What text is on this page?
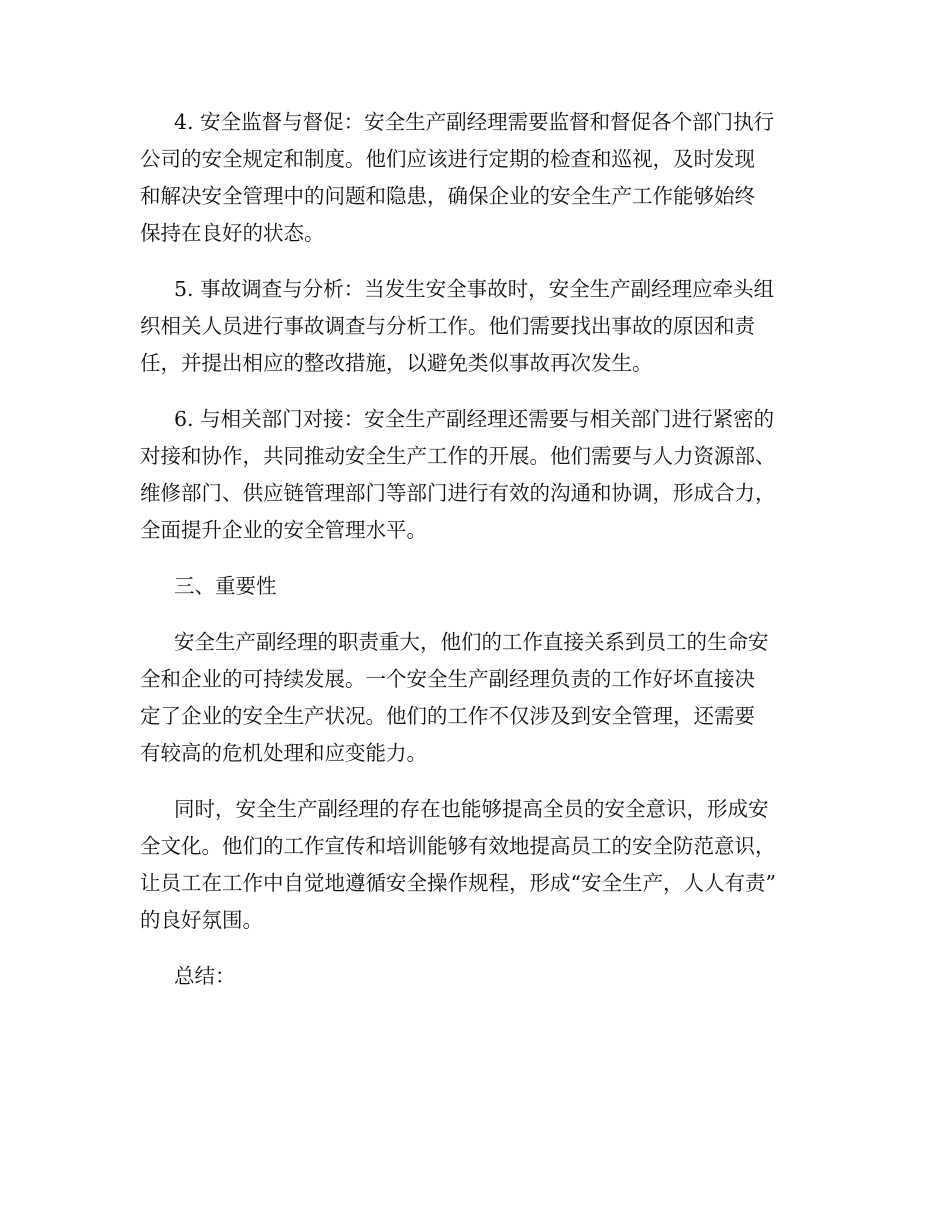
4. 安全监督与督促：安全生产副经理需要监督和督促各个部门执行
公司的安全规定和制度。他们应该进行定期的检查和巡视，及时发现
和解决安全管理中的问题和隐患，确保企业的安全生产工作能够始终
保持在良好的状态。
5. 事故调查与分析：当发生安全事故时，安全生产副经理应牵头组
织相关人员进行事故调查与分析工作。他们需要找出事故的原因和责
任，并提出相应的整改措施，以避免类似事故再次发生。
6. 与相关部门对接：安全生产副经理还需要与相关部门进行紧密的
对接和协作，共同推动安全生产工作的开展。他们需要与人力资源部、
维修部门、供应链管理部门等部门进行有效的沟通和协调，形成合力，
全面提升企业的安全管理水平。
三、重要性
安全生产副经理的职责重大，他们的工作直接关系到员工的生命安
全和企业的可持续发展。一个安全生产副经理负责的工作好坏直接决
定了企业的安全生产状况。他们的工作不仅涉及到安全管理，还需要
有较高的危机处理和应变能力。
同时，安全生产副经理的存在也能够提高全员的安全意识，形成安
全文化。他们的工作宣传和培训能够有效地提高员工的安全防范意识，
让员工在工作中自觉地遵循安全操作规程，形成“安全生产，人人有责”
的良好氛围。
总结：
